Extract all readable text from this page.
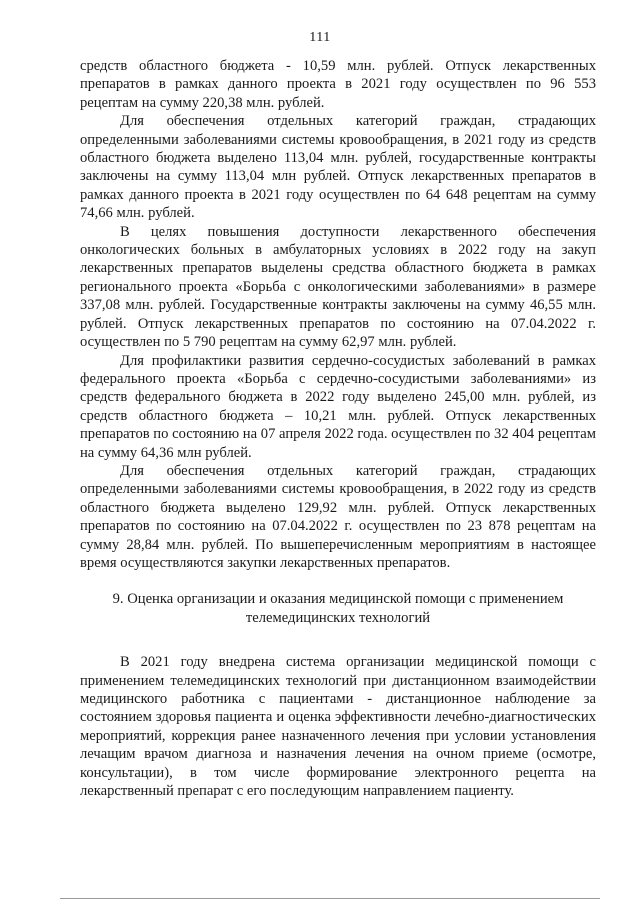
111

средств областного бюджета - 10,59 млн. рублей. Отпуск лекарственных препаратов в рамках данного проекта в 2021 году осуществлен по 96 553 рецептам на сумму 220,38 млн. рублей.

Для обеспечения отдельных категорий граждан, страдающих определенными заболеваниями системы кровообращения, в 2021 году из средств областного бюджета выделено 113,04 млн. рублей, государственные контракты заключены на сумму 113,04 млн рублей. Отпуск лекарственных препаратов в рамках данного проекта в 2021 году осуществлен по 64 648 рецептам на сумму 74,66 млн. рублей.

В целях повышения доступности лекарственного обеспечения онкологических больных в амбулаторных условиях в 2022 году на закуп лекарственных препаратов выделены средства областного бюджета в рамках регионального проекта «Борьба с онкологическими заболеваниями» в размере 337,08 млн. рублей. Государственные контракты заключены на сумму 46,55 млн. рублей. Отпуск лекарственных препаратов по состоянию на 07.04.2022 г. осуществлен по 5 790 рецептам на сумму 62,97 млн. рублей.

Для профилактики развития сердечно-сосудистых заболеваний в рамках федерального проекта «Борьба с сердечно-сосудистыми заболеваниями» из средств федерального бюджета в 2022 году выделено 245,00 млн. рублей, из средств областного бюджета – 10,21 млн. рублей. Отпуск лекарственных препаратов по состоянию на 07 апреля 2022 года. осуществлен по 32 404 рецептам на сумму 64,36 млн рублей.

Для обеспечения отдельных категорий граждан, страдающих определенными заболеваниями системы кровообращения, в 2022 году из средств областного бюджета выделено 129,92 млн. рублей. Отпуск лекарственных препаратов по состоянию на 07.04.2022 г. осуществлен по 23 878 рецептам на сумму 28,84 млн. рублей. По вышеперечисленным мероприятиям в настоящее время осуществляются закупки лекарственных препаратов.

9. Оценка организации и оказания медицинской помощи с применением телемедицинских технологий

В 2021 году внедрена система организации медицинской помощи с применением телемедицинских технологий при дистанционном взаимодействии медицинского работника с пациентами - дистанционное наблюдение за состоянием здоровья пациента и оценка эффективности лечебно-диагностических мероприятий, коррекция ранее назначенного лечения при условии установления лечащим врачом диагноза и назначения лечения на очном приеме (осмотре, консультации), в том числе формирование электронного рецепта на лекарственный препарат с его последующим направлением пациенту.
